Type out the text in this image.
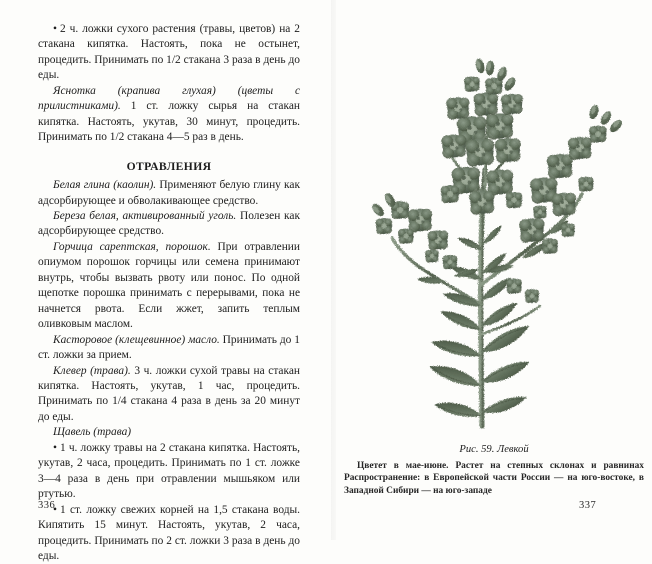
•2 ч. ложки сухого растения (травы, цветов) на 2 стакана кипятка. Настоять, пока не остынет, процедить. Принимать по 1/2 стакана 3 раза в день до еды.

Яснотка (крапива глухая) (цветы с прилистниками). 1 ст. ложку сырья на стакан кипятка. Настоять, укутав, 30 минут, процедить. Принимать по 1/2 стакана 4—5 раз в день.

ОТРАВЛЕНИЯ

Белая глина (каолин). Применяют белую глину как адсорбирующее и обволакивающее средство.

Береза белая, активированный уголь. Полезен как адсорбирующее средство.

Горчица сарептская, порошок. При отравлении опиумом порошок горчицы или семена принимают внутрь, чтобы вызвать рвоту или понос. По одной щепотке порошка принимать с перерывами, пока не начнется рвота. Если жжет, запить теплым оливковым маслом.

Касторовое (клещевинное) масло. Принимать до 1 ст. ложки за прием.

Клевер (трава). 3 ч. ложки сухой травы на стакан кипятка. Настоять, укутав, 1 час, процедить. Принимать по 1/4 стакана 4 раза в день за 20 минут до еды.

Щавель (трава)

•1 ч. ложку травы на 2 стакана кипятка. Настоять, укутав, 2 часа, процедить. Принимать по 1 ст. ложке 3—4 раза в день при отравлении мышьяком или ртутью.

•1 ст. ложку свежих корней на 1,5 стакана воды. Кипятить 15 минут. Настоять, укутав, 2 часа, процедить. Принимать по 2 ст. ложки 3 раза в день до еды.

336
Рис. 59. Левкой
Цветет в мае-июне. Растет на степных склонах и равнинах Распространение: в Европейской части России — на юго-востоке, в Западной Сибири — на юго-западе
337
